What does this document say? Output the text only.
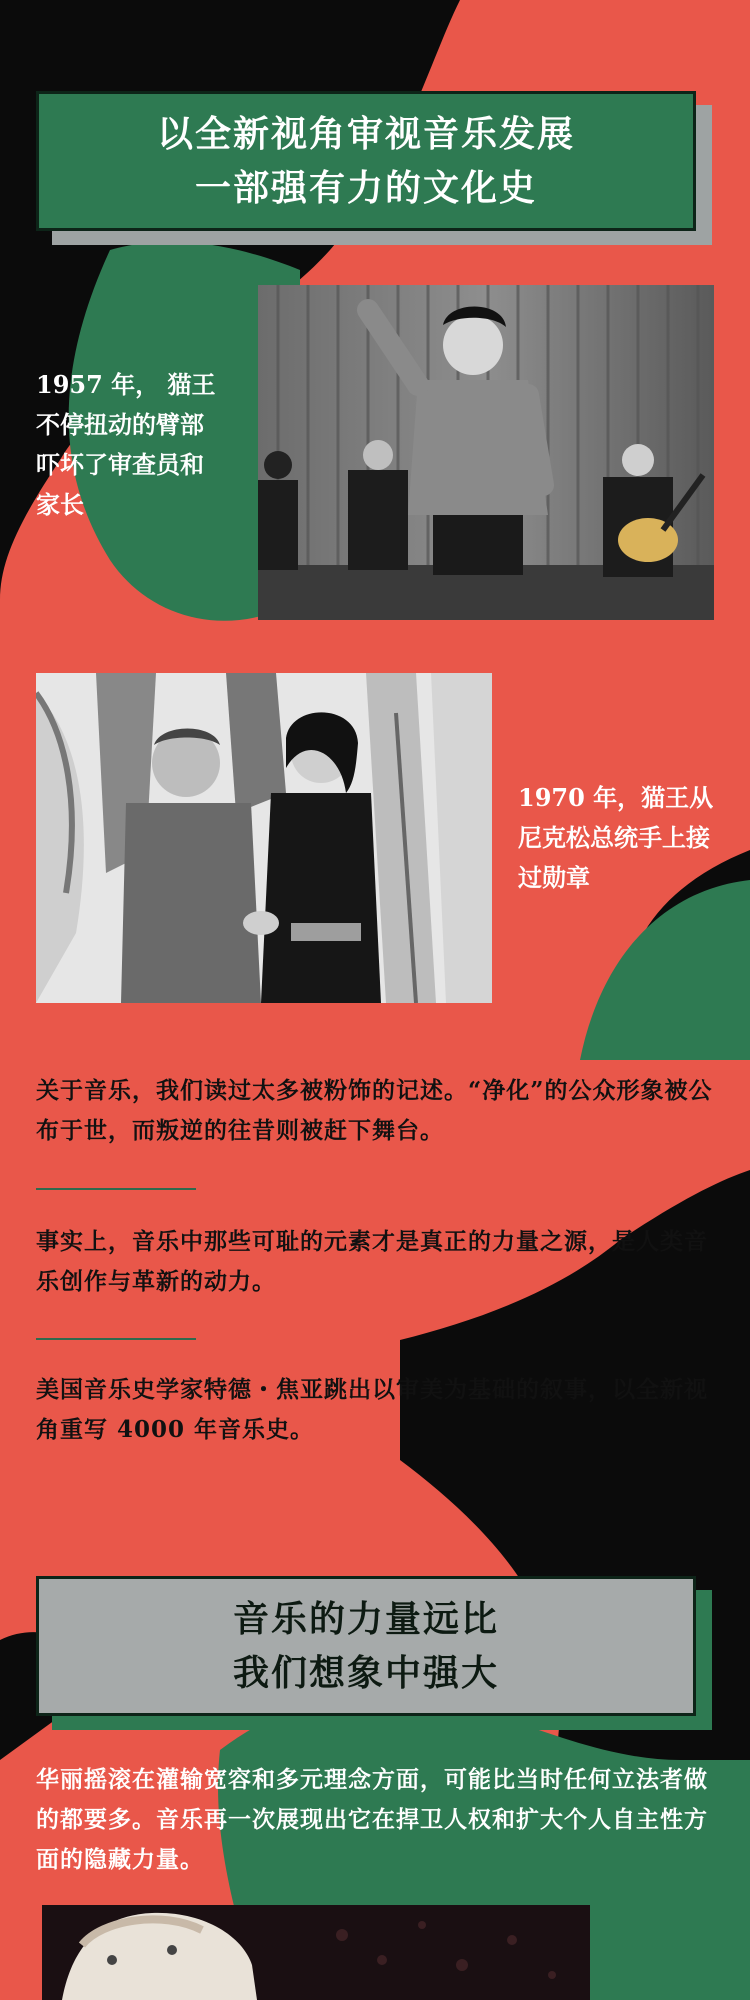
以全新视角审视音乐发展
一部强有力的文化史
1957 年， 猫王不停扭动的臂部吓坏了审查员和家长
1970 年，猫王从尼克松总统手上接过勋章
关于音乐，我们读过太多被粉饰的记述。“净化”的公众形象被公布于世，而叛逆的往昔则被赶下舞台。
事实上，音乐中那些可耻的元素才是真正的力量之源，是人类音乐创作与革新的动力。
美国音乐史学家特德・焦亚跳出以审美为基础的叙事，以全新视角重写 4000 年音乐史。
音乐的力量远比
我们想象中强大
华丽摇滚在灌输宽容和多元理念方面，可能比当时任何立法者做的都要多。音乐再一次展现出它在捍卫人权和扩大个人自主性方面的隐藏力量。
